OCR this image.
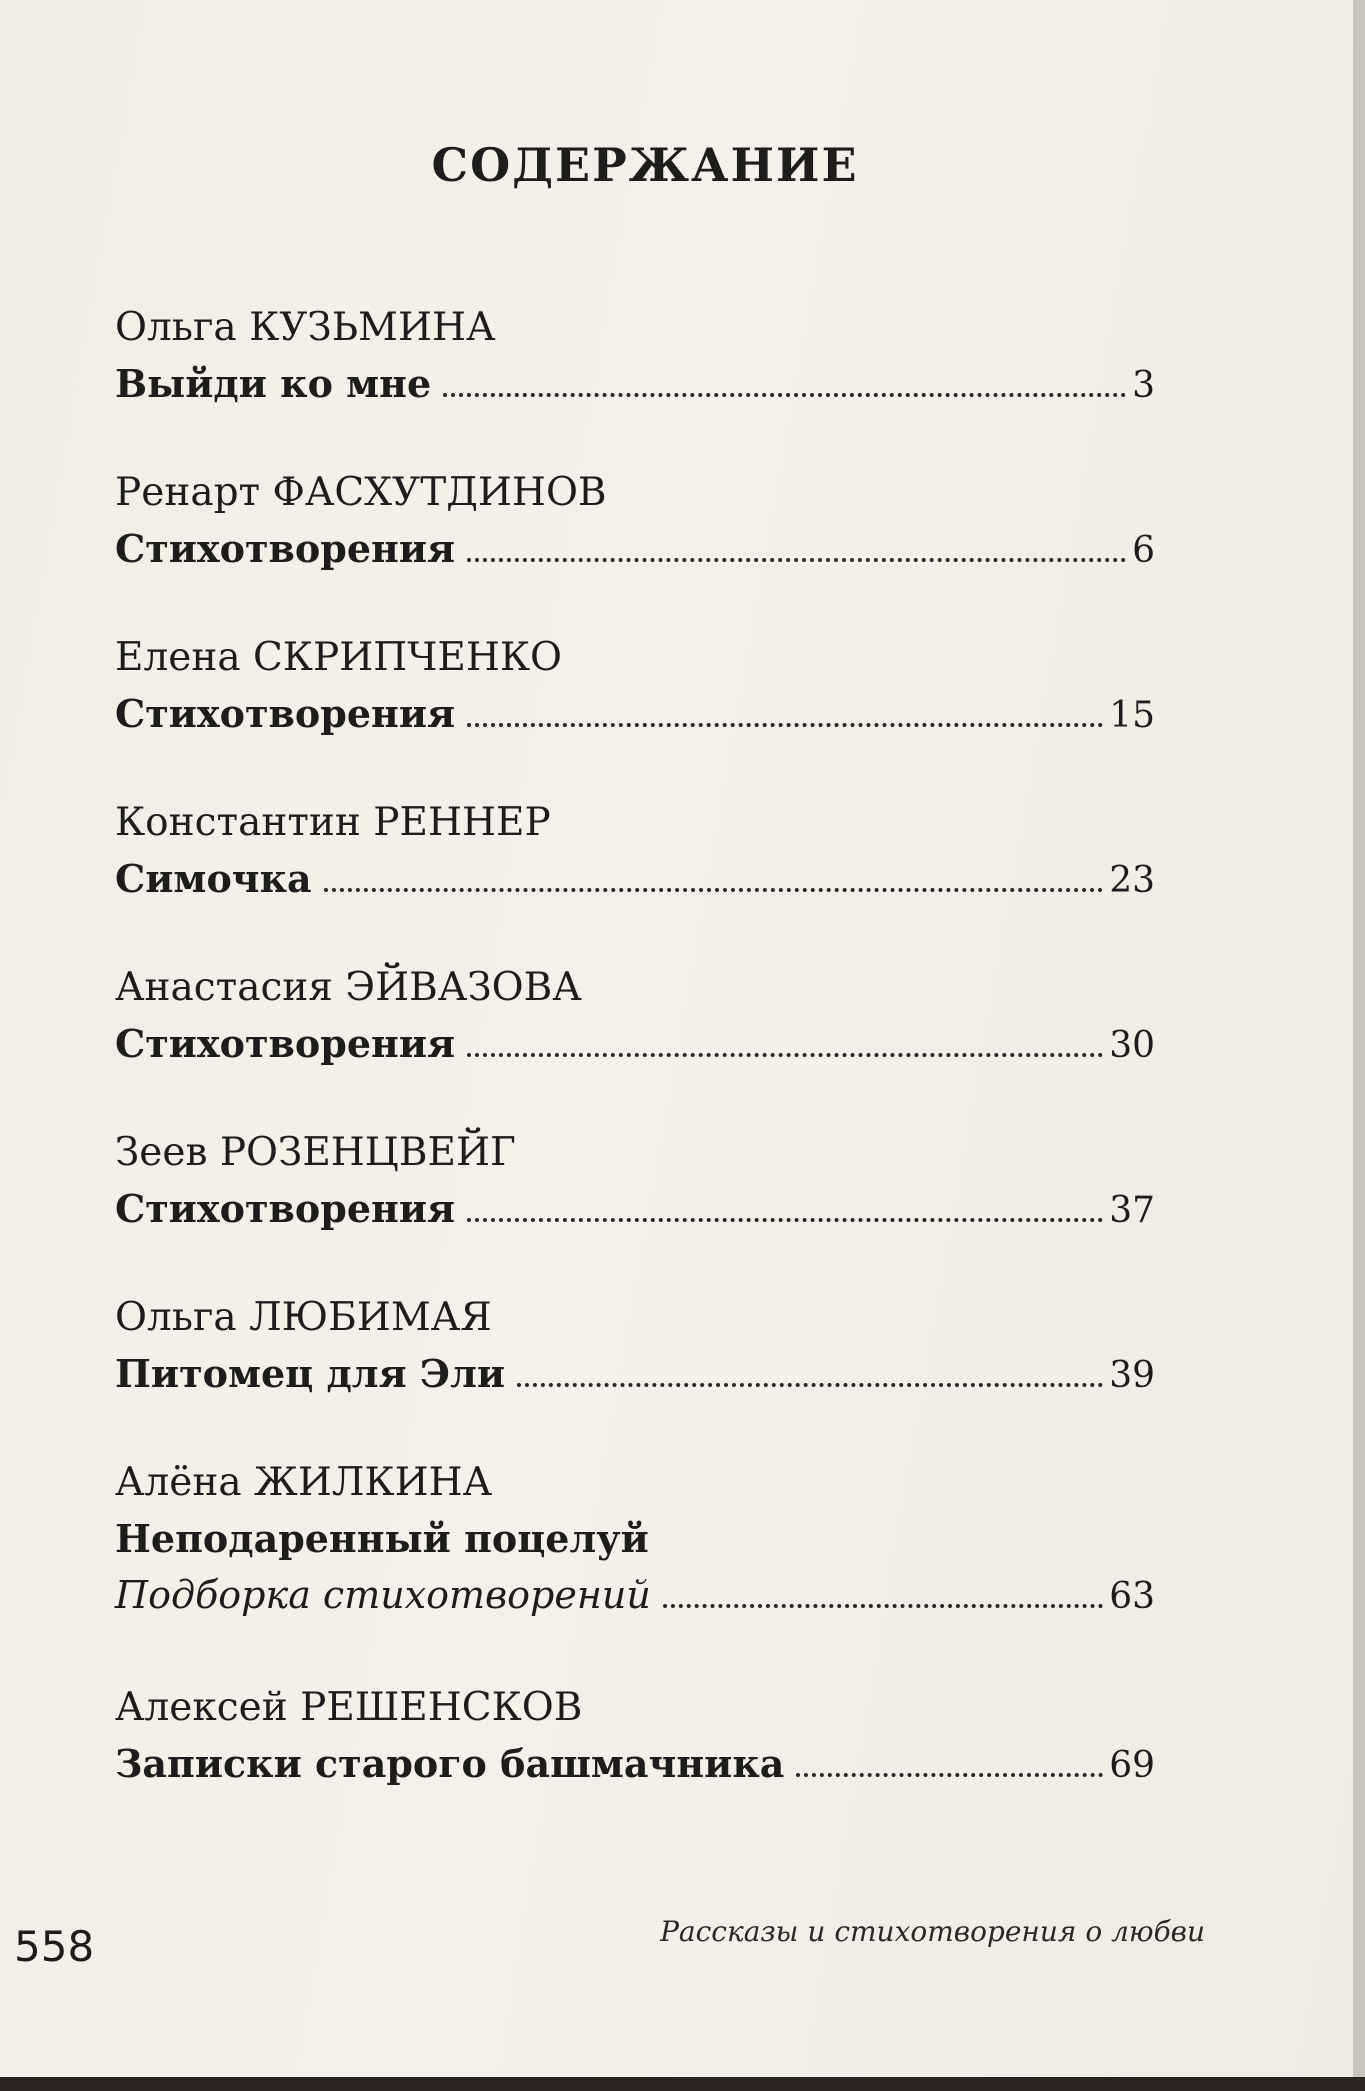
СОДЕРЖАНИЕ
Ольга КУЗЬМИНА
Выйди ко мне	3
Ренарт ФАСХУТДИНОВ
Стихотворения	6
Елена СКРИПЧЕНКО
Стихотворения	15
Константин РЕННЕР
Симочка	23
Анастасия ЭЙВАЗОВА
Стихотворения	30
Зеев РОЗЕНЦВЕЙГ
Стихотворения	37
Ольга ЛЮБИМАЯ
Питомец для Эли	39
Алёна ЖИЛКИНА
Неподаренный поцелуй
Подборка стихотворений	63
Алексей РЕШЕНСКОВ
Записки старого башмачника	69
558	Рассказы и стихотворения о любви
